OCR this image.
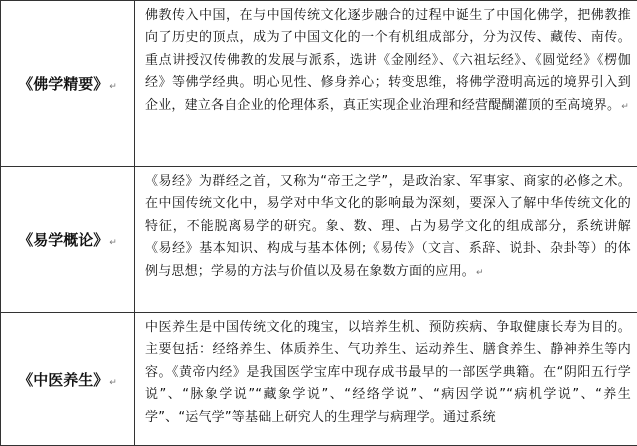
《佛学精要》↵	佛教传入中国，在与中国传统文化逐步融合的过程中诞生了中国化佛学，把佛教推向了历史的顶点，成为了中国文化的一个有机组成部分，分为汉传、藏传、南传。重点讲授汉传佛教的发展与派系，选讲《金刚经》、《六祖坛经》、《圆觉经》《楞伽经》等佛学经典。明心见性、修身养心；转变思维，将佛学澄明高远的境界引入到企业，建立各自企业的伦理体系，真正实现企业治理和经营醍醐灌顶的至高境界。↵

《易学概论》↵	《易经》为群经之首，又称为“帝王之学”，是政治家、军事家、商家的必修之术。在中国传统文化中，易学对中华文化的影响最为深刻，要深入了解中华传统文化的特征，不能脱离易学的研究。象、数、理、占为易学文化的组成部分，系统讲解《易经》基本知识、构成与基本体例;《易传》（文言、系辞、说卦、杂卦等）的体例与思想；学易的方法与价值以及易在象数方面的应用。↵

《中医养生》↵	中医养生是中国传统文化的瑰宝，以培养生机、预防疾病、争取健康长寿为目的。主要包括：经络养生、体质养生、气功养生、运动养生、膳食养生、静神养生等内容。《黄帝内经》是我国医学宝库中现存成书最早的一部医学典籍。在“阴阳五行学说”、“脉象学说”“藏象学说”、“经络学说”、“病因学说”“病机学说”、“养生学”、“运气学”等基础上研究人的生理学与病理学。通过系统
